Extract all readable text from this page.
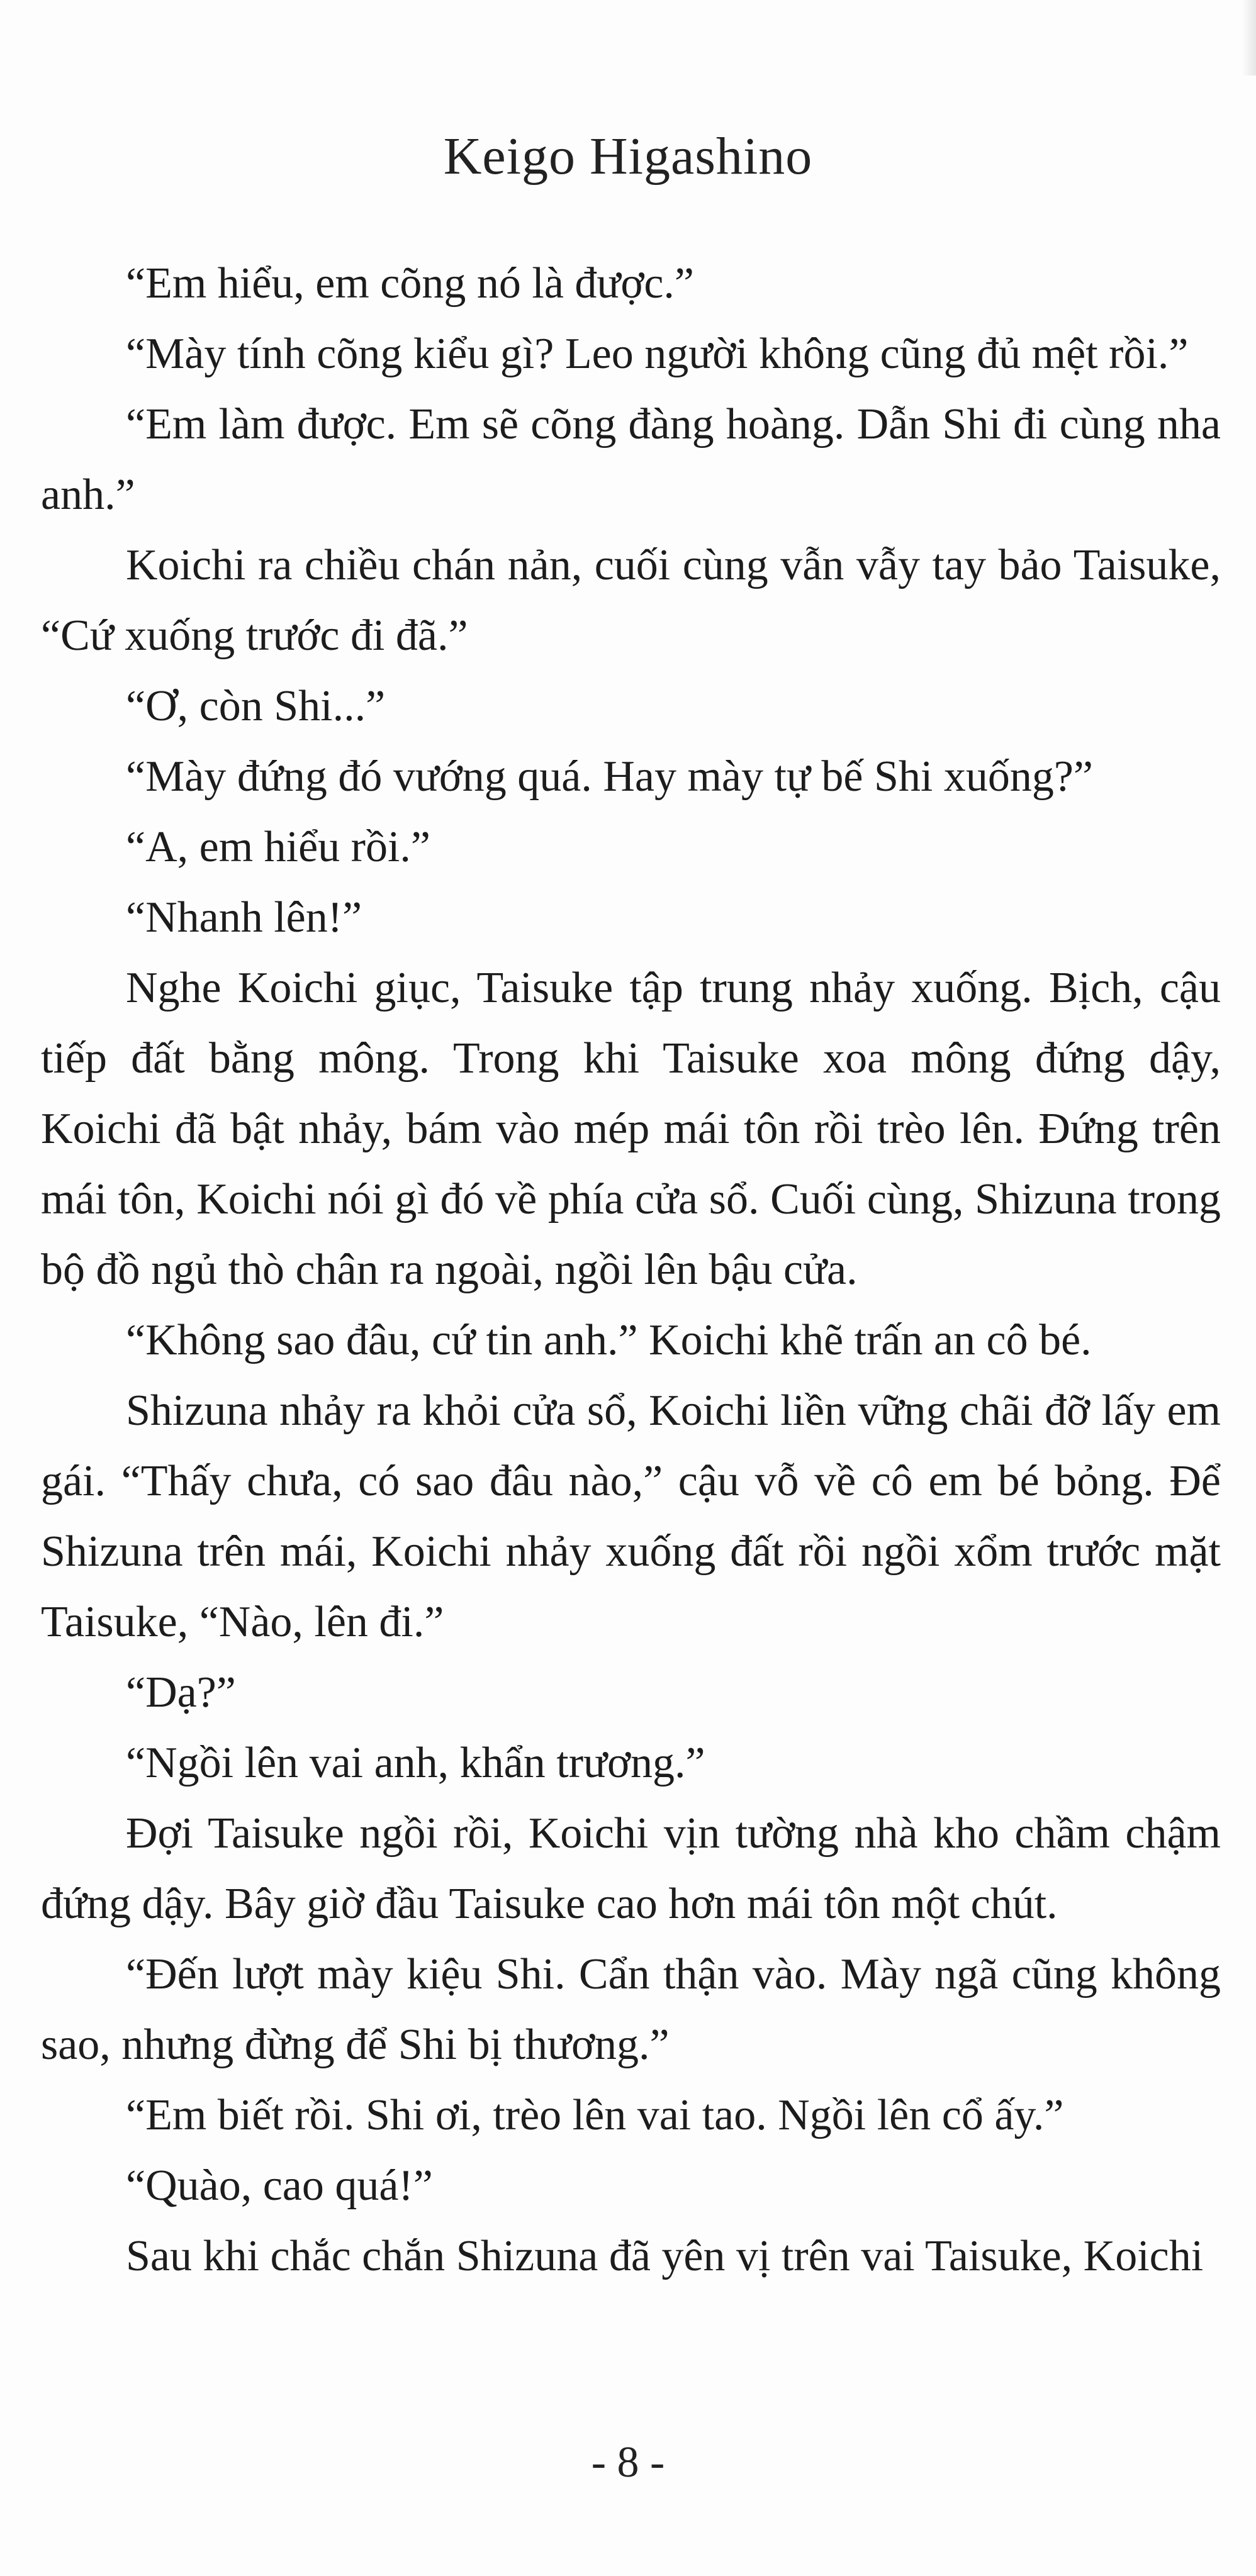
Keigo Higashino

“Em hiểu, em cõng nó là được.”

“Mày tính cõng kiểu gì? Leo người không cũng đủ mệt rồi.”

“Em làm được. Em sẽ cõng đàng hoàng. Dẫn Shi đi cùng nha anh.”

Koichi ra chiều chán nản, cuối cùng vẫn vẫy tay bảo Taisuke, “Cứ xuống trước đi đã.”

“Ơ, còn Shi...”

“Mày đứng đó vướng quá. Hay mày tự bế Shi xuống?”

“A, em hiểu rồi.”

“Nhanh lên!”

Nghe Koichi giục, Taisuke tập trung nhảy xuống. Bịch, cậu tiếp đất bằng mông. Trong khi Taisuke xoa mông đứng dậy, Koichi đã bật nhảy, bám vào mép mái tôn rồi trèo lên. Đứng trên mái tôn, Koichi nói gì đó về phía cửa sổ. Cuối cùng, Shizuna trong bộ đồ ngủ thò chân ra ngoài, ngồi lên bậu cửa.

“Không sao đâu, cứ tin anh.” Koichi khẽ trấn an cô bé.

Shizuna nhảy ra khỏi cửa sổ, Koichi liền vững chãi đỡ lấy em gái. “Thấy chưa, có sao đâu nào,” cậu vỗ về cô em bé bỏng. Để Shizuna trên mái, Koichi nhảy xuống đất rồi ngồi xổm trước mặt Taisuke, “Nào, lên đi.”

“Dạ?”

“Ngồi lên vai anh, khẩn trương.”

Đợi Taisuke ngồi rồi, Koichi vịn tường nhà kho chầm chậm đứng dậy. Bây giờ đầu Taisuke cao hơn mái tôn một chút.

“Đến lượt mày kiệu Shi. Cẩn thận vào. Mày ngã cũng không sao, nhưng đừng để Shi bị thương.”

“Em biết rồi. Shi ơi, trèo lên vai tao. Ngồi lên cổ ấy.”

“Quào, cao quá!”

Sau khi chắc chắn Shizuna đã yên vị trên vai Taisuke, Koichi

- 8 -
